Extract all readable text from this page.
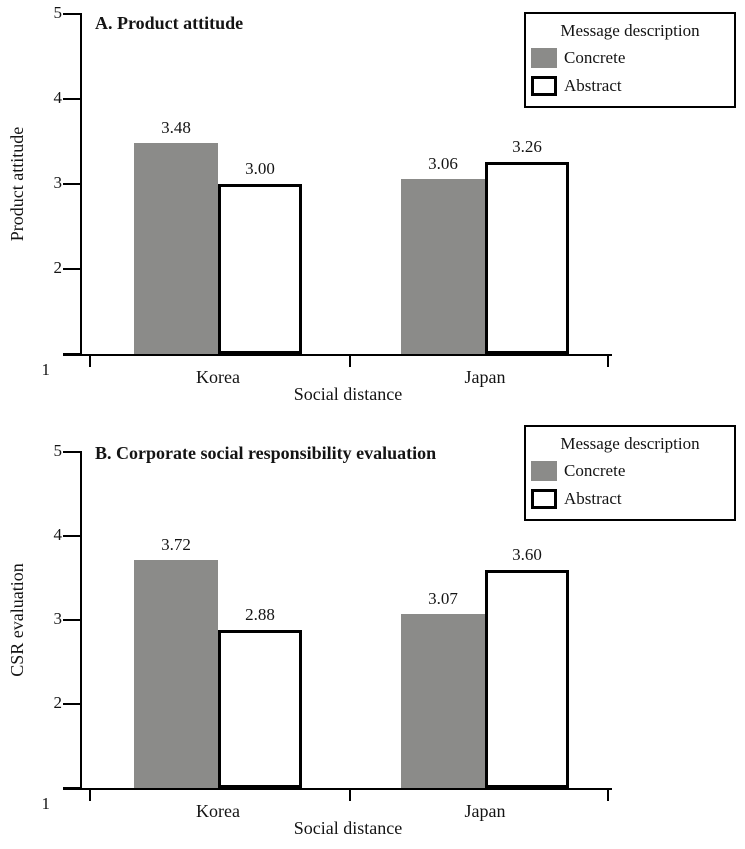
A. Product attitude
Product attitude
Social distance
Message description
Concrete
Abstract
B. Corporate social responsibility evaluation
CSR evaluation
Social distance
Message description
Concrete
Abstract
1
2
3
4
5
3.48
3.00
Korea
3.06
3.26
Japan
1
2
3
4
5
3.72
2.88
Korea
3.07
3.60
Japan
